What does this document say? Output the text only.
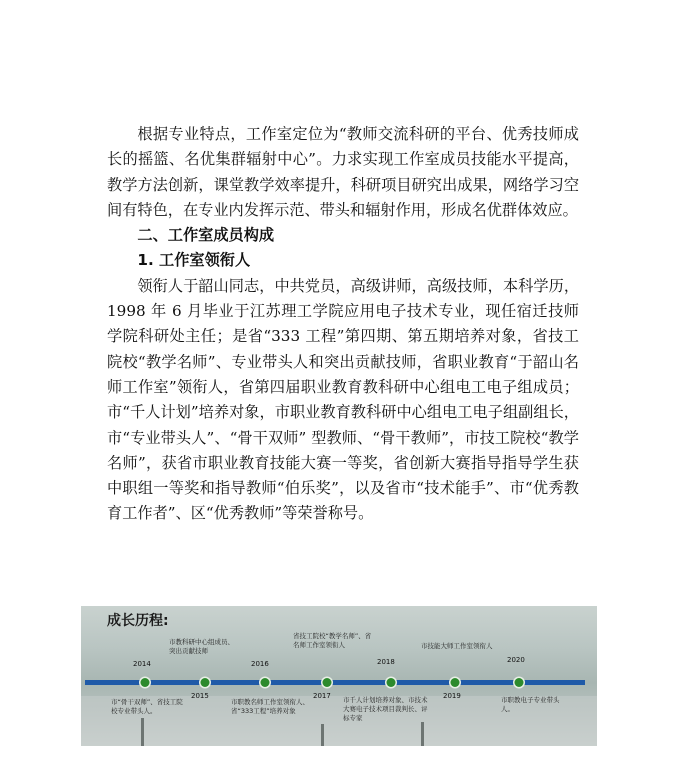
根据专业特点，工作室定位为“教师交流科研的平台、优秀技师成长的摇篮、名优集群辐射中心”。力求实现工作室成员技能水平提高，教学方法创新，课堂教学效率提升，科研项目研究出成果，网络学习空间有特色，在专业内发挥示范、带头和辐射作用，形成名优群体效应。

二、工作室成员构成
1. 工作室领衔人

领衔人于韶山同志，中共党员，高级讲师，高级技师，本科学历，1998 年 6 月毕业于江苏理工学院应用电子技术专业，现任宿迁技师学院科研处主任；是省“333 工程”第四期、第五期培养对象，省技工院校“教学名师”、专业带头人和突出贡献技师，省职业教育“于韶山名师工作室”领衔人，省第四届职业教育教科研中心组电工电子组成员；市“千人计划”培养对象，市职业教育教科研中心组电工电子组副组长，市“专业带头人”、“骨干双师” 型教师、“骨干教师”，市技工院校“教学名师”，获省市职业教育技能大赛一等奖，省创新大赛指导指导学生获中职组一等奖和指导教师“伯乐奖”，以及省市“技术能手”、市“优秀教育工作者”、区“优秀教师”等荣誉称号。

成长历程:
2014
2015
2016
2017
2018
2019
2020
市教科研中心组成员、突出贡献技师
省技工院校“教学名师”、省名师工作室领衔人	市技能大师工作室领衔人
市“骨干双师”、省技工院校专业带头人。
市职教名师工作室领衔人、省“333工程”培养对象
市千人计划培养对象、市技术大赛电子技术项目裁判长、评标专家
市职教电子专业带头人。
